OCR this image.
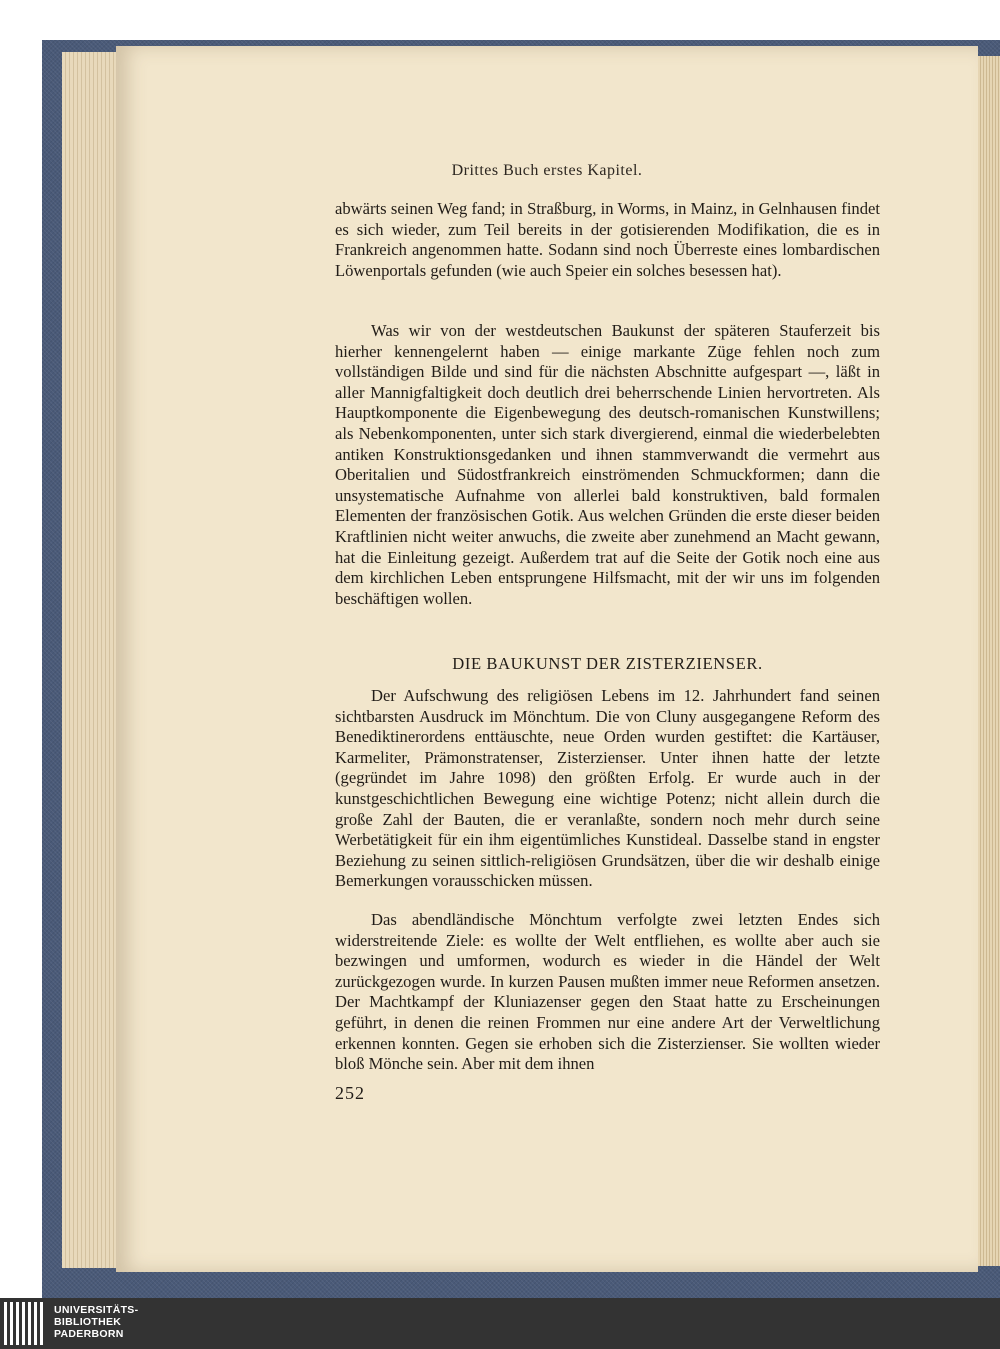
Drittes Buch erstes Kapitel.

abwärts seinen Weg fand; in Straßburg, in Worms, in Mainz, in Gelnhausen findet es sich wieder, zum Teil bereits in der gotisierenden Modifikation, die es in Frankreich angenommen hatte. Sodann sind noch Überreste eines lombardischen Löwenportals gefunden (wie auch Speier ein solches besessen hat).

Was wir von der westdeutschen Baukunst der späteren Stauferzeit bis hierher kennengelernt haben — einige markante Züge fehlen noch zum vollständigen Bilde und sind für die nächsten Abschnitte aufgespart —, läßt in aller Mannigfaltigkeit doch deutlich drei beherrschende Linien hervortreten. Als Hauptkomponente die Eigenbewegung des deutsch-romanischen Kunstwillens; als Nebenkomponenten, unter sich stark divergierend, einmal die wiederbelebten antiken Konstruktionsgedanken und ihnen stammverwandt die vermehrt aus Oberitalien und Südostfrankreich einströmenden Schmuckformen; dann die unsystematische Aufnahme von allerlei bald konstruktiven, bald formalen Elementen der französischen Gotik. Aus welchen Gründen die erste dieser beiden Kraftlinien nicht weiter anwuchs, die zweite aber zunehmend an Macht gewann, hat die Einleitung gezeigt. Außerdem trat auf die Seite der Gotik noch eine aus dem kirchlichen Leben entsprungene Hilfsmacht, mit der wir uns im folgenden beschäftigen wollen.

DIE BAUKUNST DER ZISTERZIENSER.

Der Aufschwung des religiösen Lebens im 12. Jahrhundert fand seinen sichtbarsten Ausdruck im Mönchtum. Die von Cluny ausgegangene Reform des Benediktinerordens enttäuschte, neue Orden wurden gestiftet: die Kartäuser, Karmeliter, Prämonstratenser, Zisterzienser. Unter ihnen hatte der letzte (gegründet im Jahre 1098) den größten Erfolg. Er wurde auch in der kunstgeschichtlichen Bewegung eine wichtige Potenz; nicht allein durch die große Zahl der Bauten, die er veranlaßte, sondern noch mehr durch seine Werbetätigkeit für ein ihm eigentümliches Kunstideal. Dasselbe stand in engster Beziehung zu seinen sittlich-religiösen Grundsätzen, über die wir deshalb einige Bemerkungen vorausschicken müssen.

Das abendländische Mönchtum verfolgte zwei letzten Endes sich widerstreitende Ziele: es wollte der Welt entfliehen, es wollte aber auch sie bezwingen und umformen, wodurch es wieder in die Händel der Welt zurückgezogen wurde. In kurzen Pausen mußten immer neue Reformen ansetzen. Der Machtkampf der Kluniazenser gegen den Staat hatte zu Erscheinungen geführt, in denen die reinen Frommen nur eine andere Art der Verweltlichung erkennen konnten. Gegen sie erhoben sich die Zisterzienser. Sie wollten wieder bloß Mönche sein. Aber mit dem ihnen

252
UNIVERSITÄTS-
BIBLIOTHEK
PADERBORN
